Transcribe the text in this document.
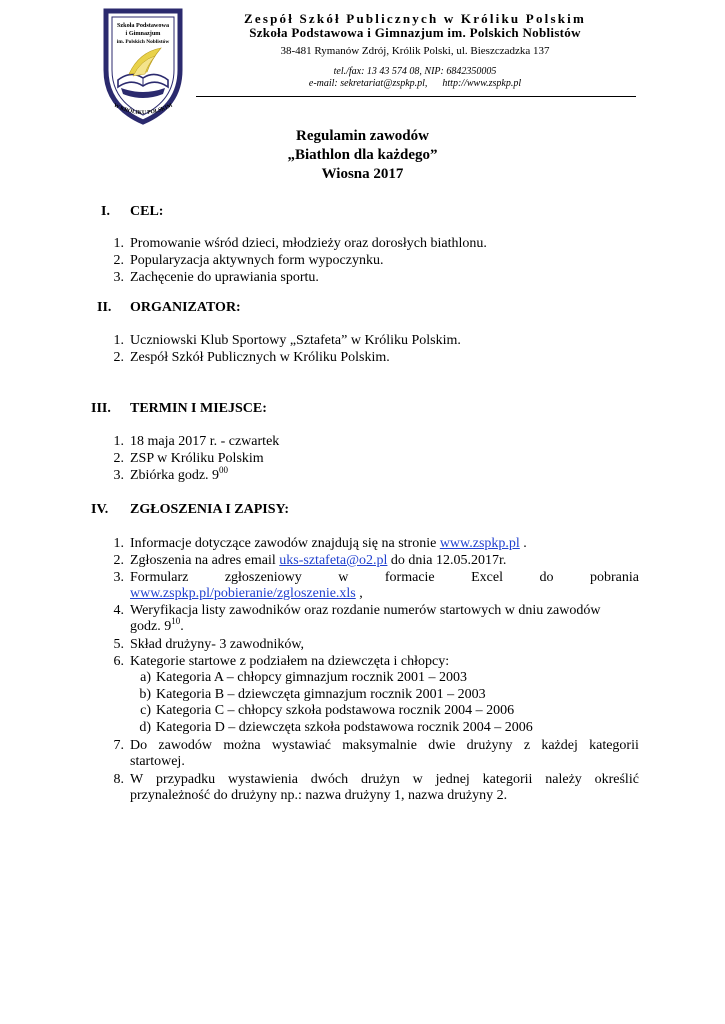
Szkoła Podstawowa
i Gimnazjum
im. Polskich Noblistów
W KRÓLIKU POLSKIM
Zespół Szkół Publicznych w Króliku Polskim
Szkoła Podstawowa i Gimnazjum im. Polskich Noblistów
38-481 Rymanów Zdrój, Królik Polski, ul. Bieszczadzka 137
tel./fax: 13 43 574 08, NIP: 6842350005
e-mail: sekretariat@zspkp.pl,      http://www.zspkp.pl
Regulamin zawodów
„Biathlon dla każdego”
Wiosna 2017
I. CEL:
1. Promowanie wśród dzieci, młodzieży oraz dorosłych biathlonu.
2. Popularyzacja aktywnych form wypoczynku.
3. Zachęcenie do uprawiania sportu.
II. ORGANIZATOR:
1. Uczniowski Klub Sportowy „Sztafeta” w Króliku Polskim.
2. Zespół Szkół Publicznych w Króliku Polskim.
III. TERMIN I MIEJSCE:
1. 18 maja 2017 r. - czwartek
2. ZSP w Króliku Polskim
3. Zbiórka godz. $9^{00}$
IV. ZGŁOSZENIA I ZAPISY:
1. Informacje dotyczące zawodów znajdują się na stronie www.zspkp.pl .
2. Zgłoszenia na adres email uks-sztafeta@o2.pl do dnia 12.05.2017r.
3. Formularz	zgłoszeniowy	w	formacie	Excel	do	pobrania
www.zspkp.pl/pobieranie/zgloszenie.xls ,
4. Weryfikacja listy zawodników oraz rozdanie numerów startowych w dniu zawodów
godz. $9^{10}$.
5. Skład drużyny- 3 zawodników,
6. Kategorie startowe z podziałem na dziewczęta i chłopcy:
a) Kategoria A – chłopcy gimnazjum rocznik 2001 – 2003
b) Kategoria B – dziewczęta gimnazjum rocznik 2001 – 2003
c) Kategoria C – chłopcy szkoła podstawowa rocznik 2004 – 2006
d) Kategoria D – dziewczęta szkoła podstawowa rocznik 2004 – 2006
7. Do zawodów można wystawiać maksymalnie dwie drużyny z każdej kategorii
startowej.
8. W przypadku wystawienia dwóch drużyn w jednej kategorii należy określić
przynależność do drużyny np.: nazwa drużyny 1, nazwa drużyny 2.
